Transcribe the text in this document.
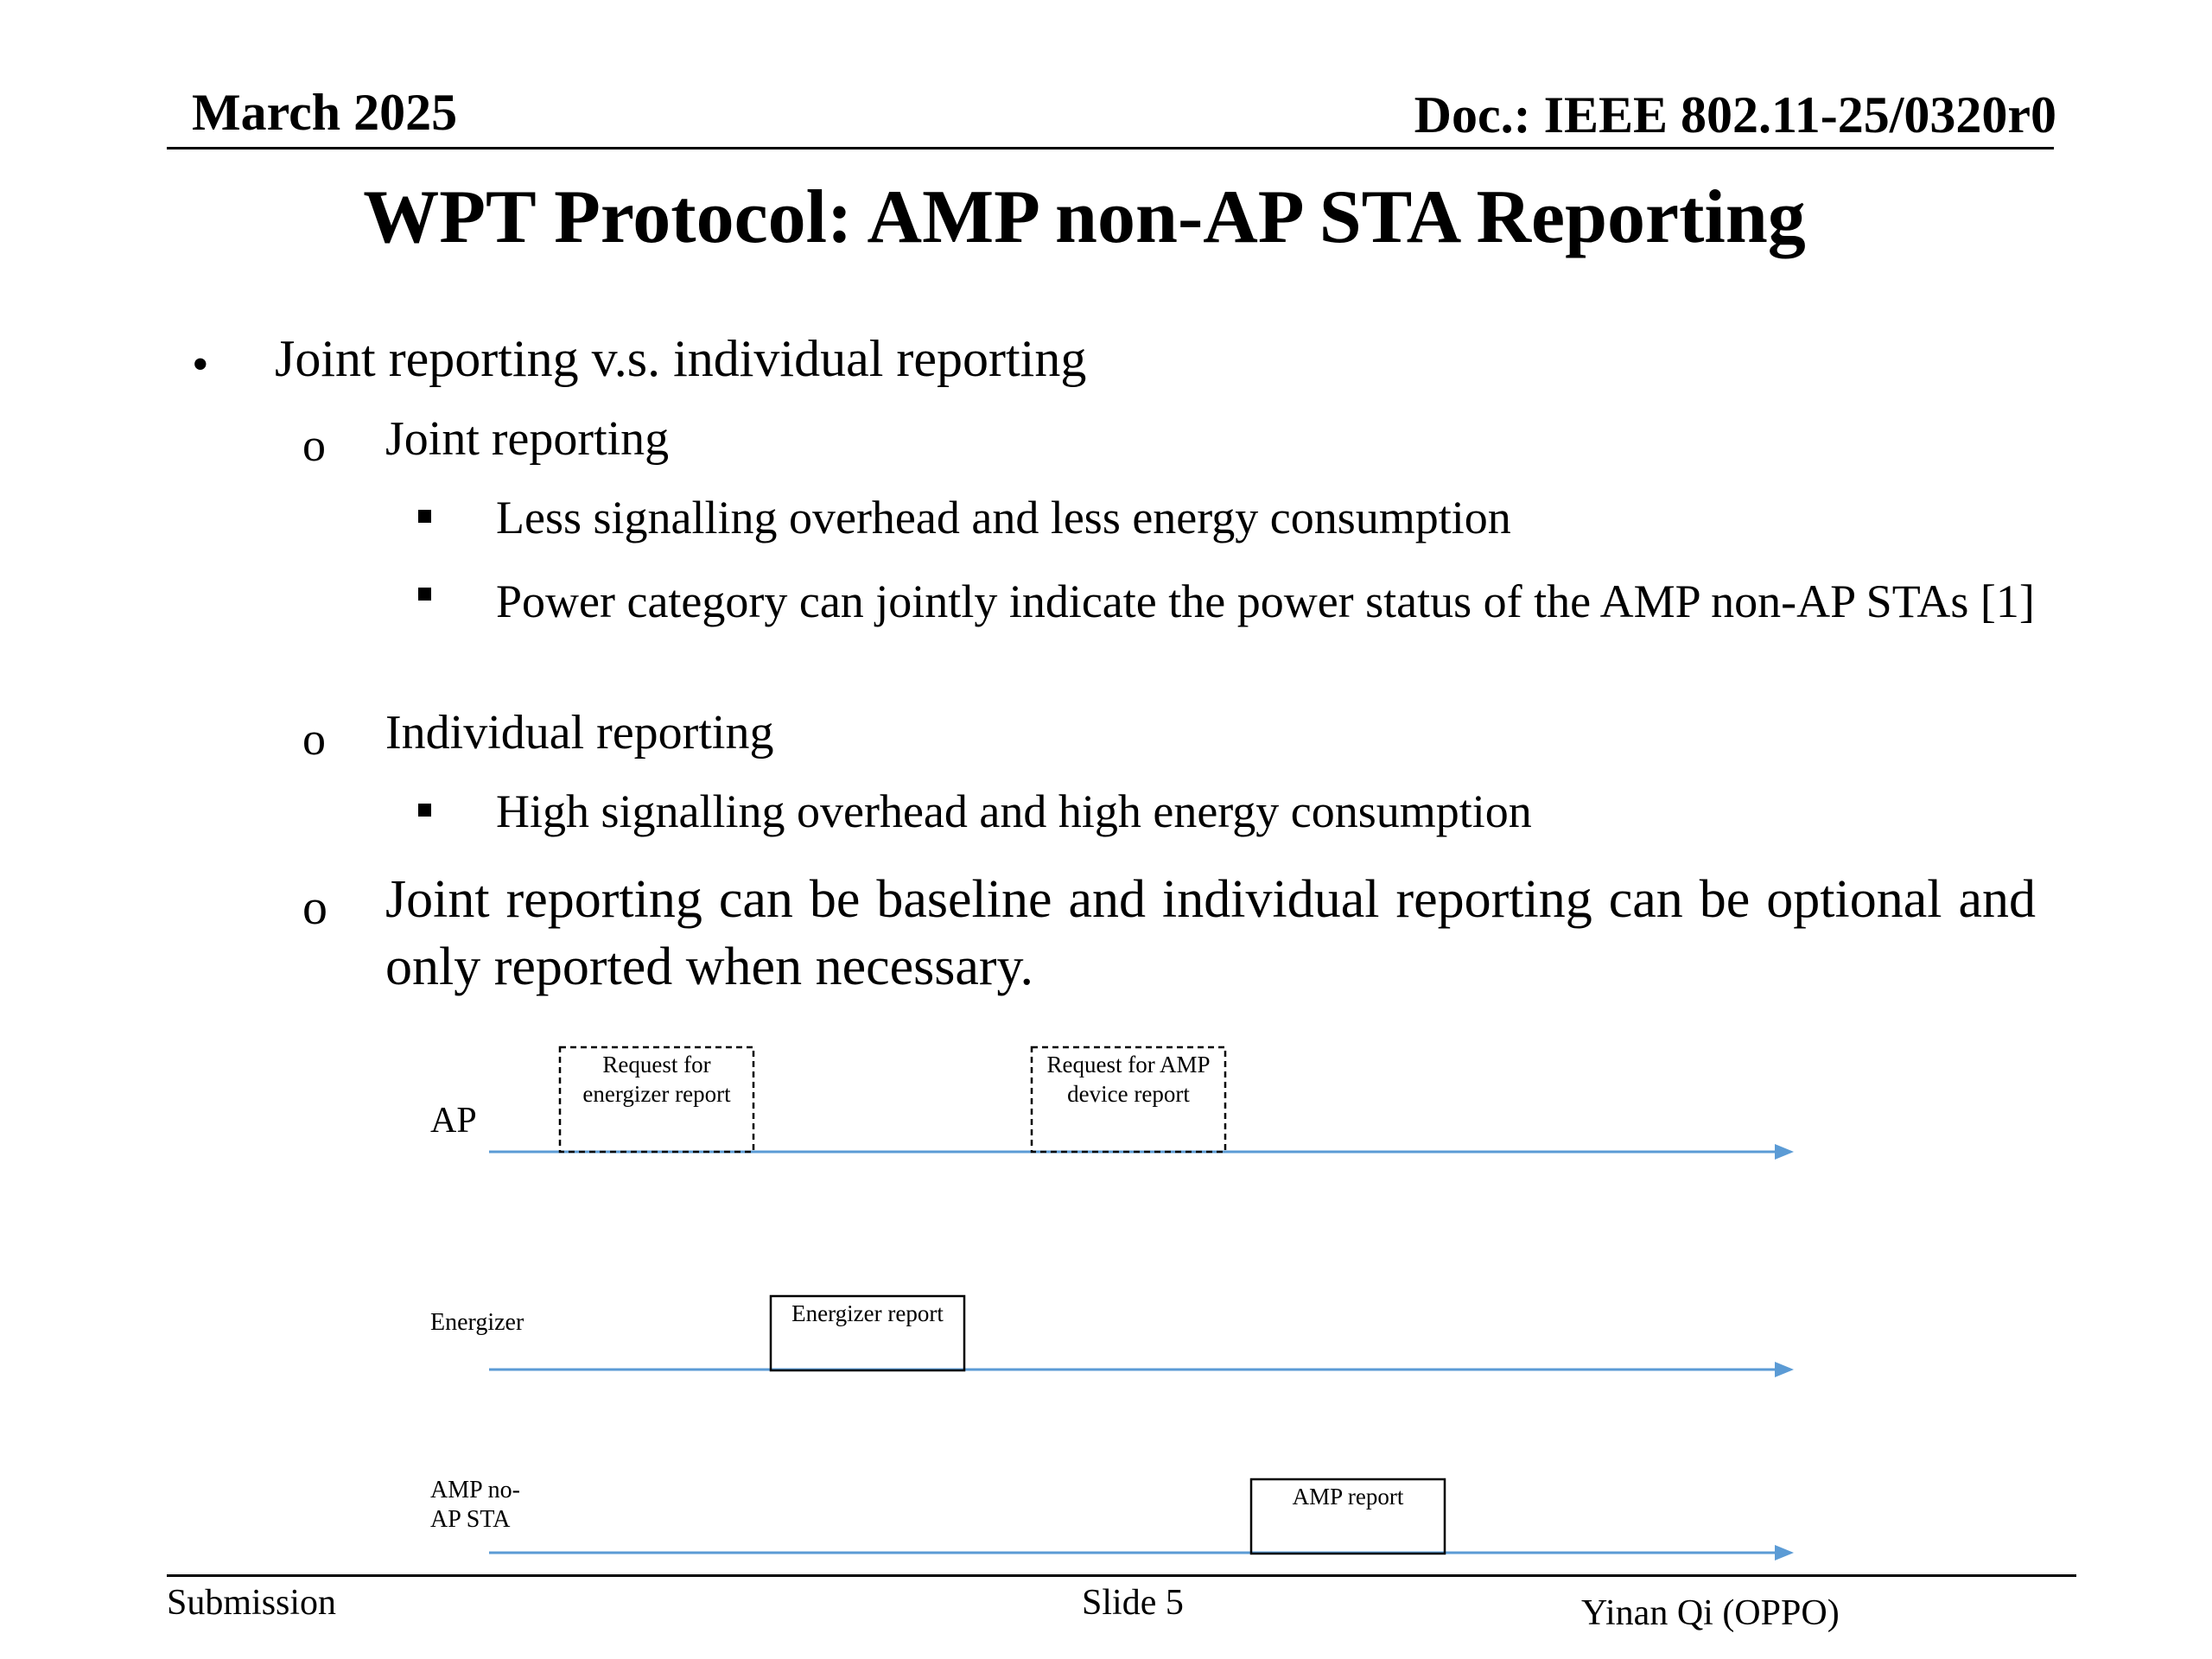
March 2025	Doc.: IEEE 802.11-25/0320r0
WPT Protocol: AMP non-AP STA Reporting
• Joint reporting v.s. individual reporting
o Joint reporting
Less signalling overhead and less energy consumption
Power category can jointly indicate the power status of the AMP non-AP STAs [1]
o Individual reporting
High signalling overhead and high energy consumption
o Joint reporting can be baseline and individual reporting can be optional and only reported when necessary.
AP
Energizer
AMP no-
AP STA
Request for energizer report
Request for AMP device report
Energizer report
AMP report
Submission	Slide 5	Yinan Qi (OPPO)
